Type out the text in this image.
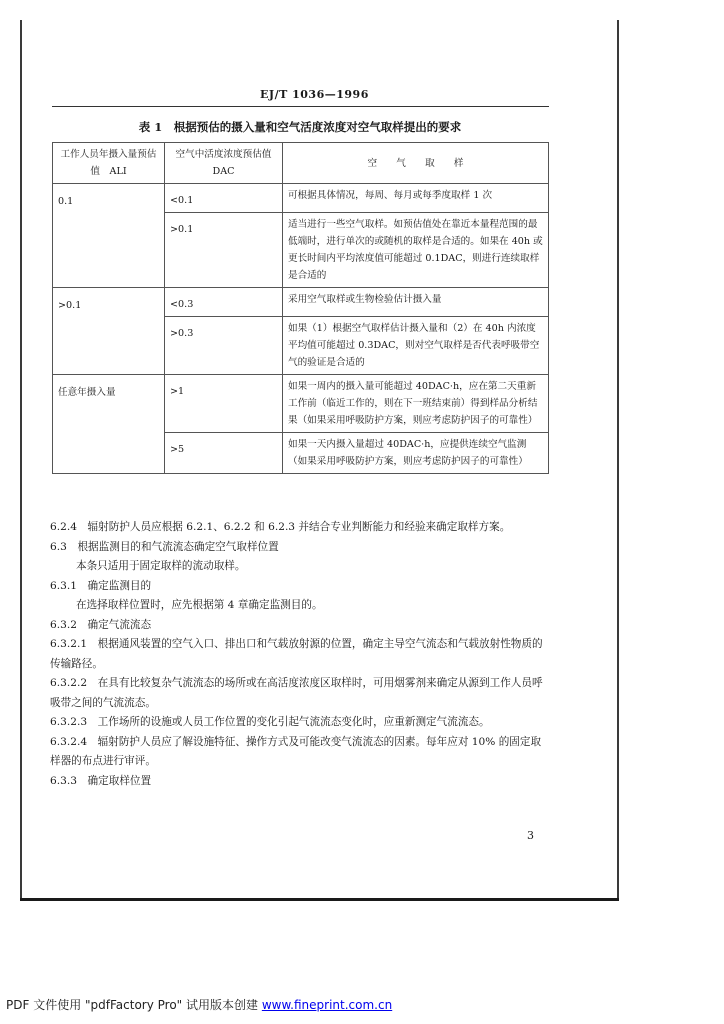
EJ/T 1036—1996
表 1　根据预估的摄入量和空气活度浓度对空气取样提出的要求
工作人员年摄入量预估值　ALI	空气中活度浓度预估值　DAC	空　　气　　取　　样
0.1	<0.1	可根据具体情况，每周、每月或每季度取样 1 次
	>0.1	适当进行一些空气取样。如预估值处在靠近本量程范围的最低端时，进行单次的或随机的取样是合适的。如果在 40h 或更长时间内平均浓度值可能超过 0.1DAC，则进行连续取样是合适的
>0.1	<0.3	采用空气取样或生物检验估计摄入量
	>0.3	如果（1）根据空气取样估计摄入量和（2）在 40h 内浓度平均值可能超过 0.3DAC，则对空气取样是否代表呼吸带空气的验证是合适的
任意年摄入量	>1	如果一周内的摄入量可能超过 40DAC·h，应在第二天重新工作前（临近工作的，则在下一班结束前）得到样品分析结果（如果采用呼吸防护方案，则应考虑防护因子的可靠性）
	>5	如果一天内摄入量超过 40DAC·h，应提供连续空气监测（如果采用呼吸防护方案，则应考虑防护因子的可靠性）

6.2.4　辐射防护人员应根据 6.2.1、6.2.2 和 6.2.3 并结合专业判断能力和经验来确定取样方案。

6.3　根据监测目的和气流流态确定空气取样位置

本条只适用于固定取样的流动取样。

6.3.1　确定监测目的

在选择取样位置时，应先根据第 4 章确定监测目的。

6.3.2　确定气流流态

6.3.2.1　根据通风装置的空气入口、排出口和气载放射源的位置，确定主导空气流态和气载放射性物质的传输路径。

6.3.2.2　在具有比较复杂气流流态的场所或在高活度浓度区取样时，可用烟雾剂来确定从源到工作人员呼吸带之间的气流流态。

6.3.2.3　工作场所的设施或人员工作位置的变化引起气流流态变化时，应重新测定气流流态。

6.3.2.4　辐射防护人员应了解设施特征、操作方式及可能改变气流流态的因素。每年应对 10% 的固定取样器的布点进行审评。

6.3.3　确定取样位置

3
PDF 文件使用 "pdfFactory Pro" 试用版本创建 www.fineprint.com.cn
